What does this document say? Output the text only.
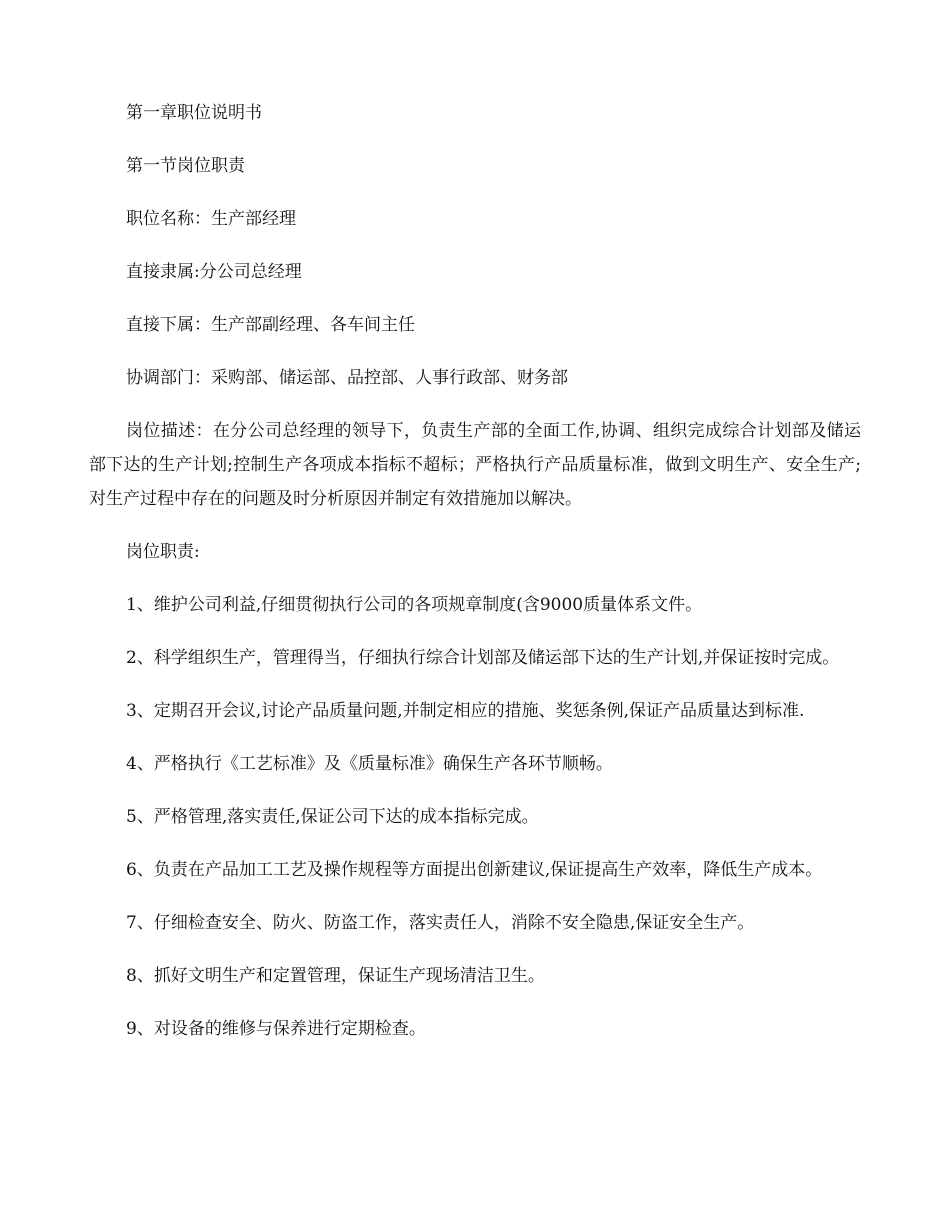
第一章职位说明书

第一节岗位职责

职位名称：生产部经理

直接隶属:分公司总经理

直接下属：生产部副经理、各车间主任

协调部门：采购部、储运部、品控部、人事行政部、财务部

岗位描述：在分公司总经理的领导下，负责生产部的全面工作,协调、组织完成综合计划部及储运部下达的生产计划;控制生产各项成本指标不超标；严格执行产品质量标准，做到文明生产、安全生产;对生产过程中存在的问题及时分析原因并制定有效措施加以解决。

岗位职责:

1、维护公司利益,仔细贯彻执行公司的各项规章制度(含9000质量体系文件。

2、科学组织生产，管理得当，仔细执行综合计划部及储运部下达的生产计划,并保证按时完成。

3、定期召开会议,讨论产品质量问题,并制定相应的措施、奖惩条例,保证产品质量达到标准.

4、严格执行《工艺标准》及《质量标准》确保生产各环节顺畅。

5、严格管理,落实责任,保证公司下达的成本指标完成。

6、负责在产品加工工艺及操作规程等方面提出创新建议,保证提高生产效率，降低生产成本。

7、仔细检查安全、防火、防盗工作，落实责任人，消除不安全隐患,保证安全生产。

8、抓好文明生产和定置管理，保证生产现场清洁卫生。

9、对设备的维修与保养进行定期检查。
